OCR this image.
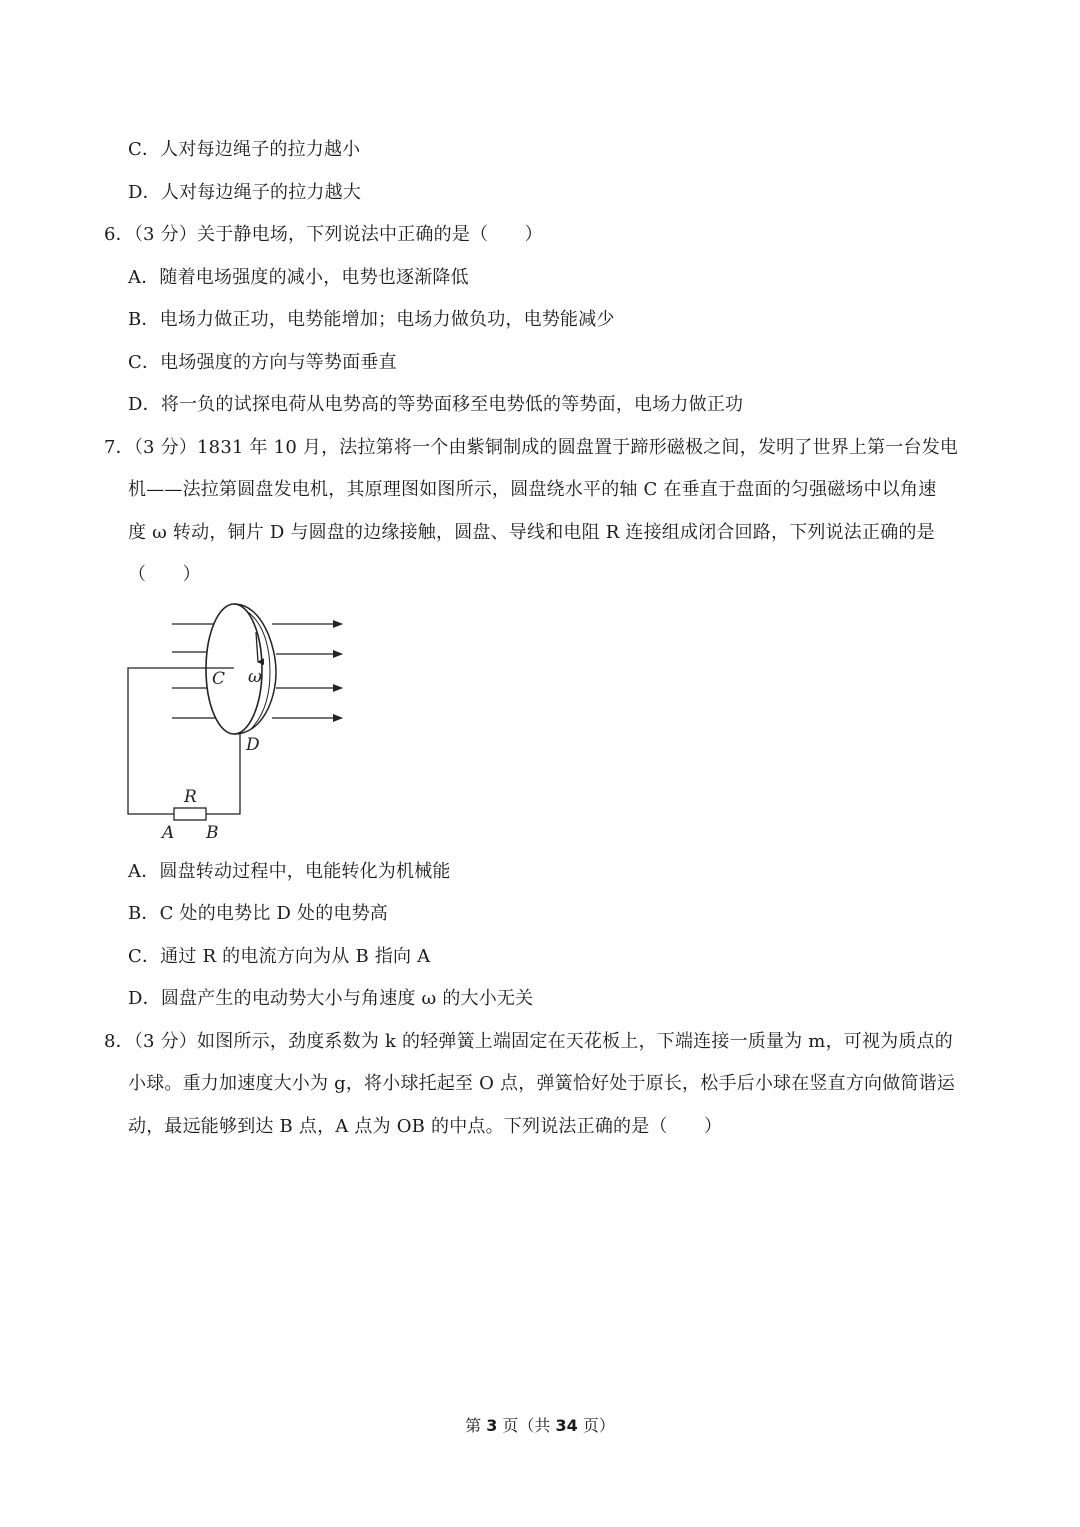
C．人对每边绳子的拉力越小
D．人对每边绳子的拉力越大
6．（3 分）关于静电场，下列说法中正确的是（　　）
A．随着电场强度的减小，电势也逐渐降低
B．电场力做正功，电势能增加；电场力做负功，电势能减少
C．电场强度的方向与等势面垂直
D．将一负的试探电荷从电势高的等势面移至电势低的等势面，电场力做正功
7．（3 分）1831 年 10 月，法拉第将一个由紫铜制成的圆盘置于蹄形磁极之间，发明了世界上第一台发电
机——法拉第圆盘发电机，其原理图如图所示，圆盘绕水平的轴 C 在垂直于盘面的匀强磁场中以角速
度 ω 转动，铜片 D 与圆盘的边缘接触，圆盘、导线和电阻 R 连接组成闭合回路，下列说法正确的是
（　　）
C ω
D
R
A B
A．圆盘转动过程中，电能转化为机械能
B．C 处的电势比 D 处的电势高
C．通过 R 的电流方向为从 B 指向 A
D．圆盘产生的电动势大小与角速度 ω 的大小无关
8．（3 分）如图所示，劲度系数为 k 的轻弹簧上端固定在天花板上，下端连接一质量为 m，可视为质点的
小球。重力加速度大小为 g，将小球托起至 O 点，弹簧恰好处于原长，松手后小球在竖直方向做简谐运
动，最远能够到达 B 点，A 点为 OB 的中点。下列说法正确的是（　　）
第 3 页（共 34 页）
